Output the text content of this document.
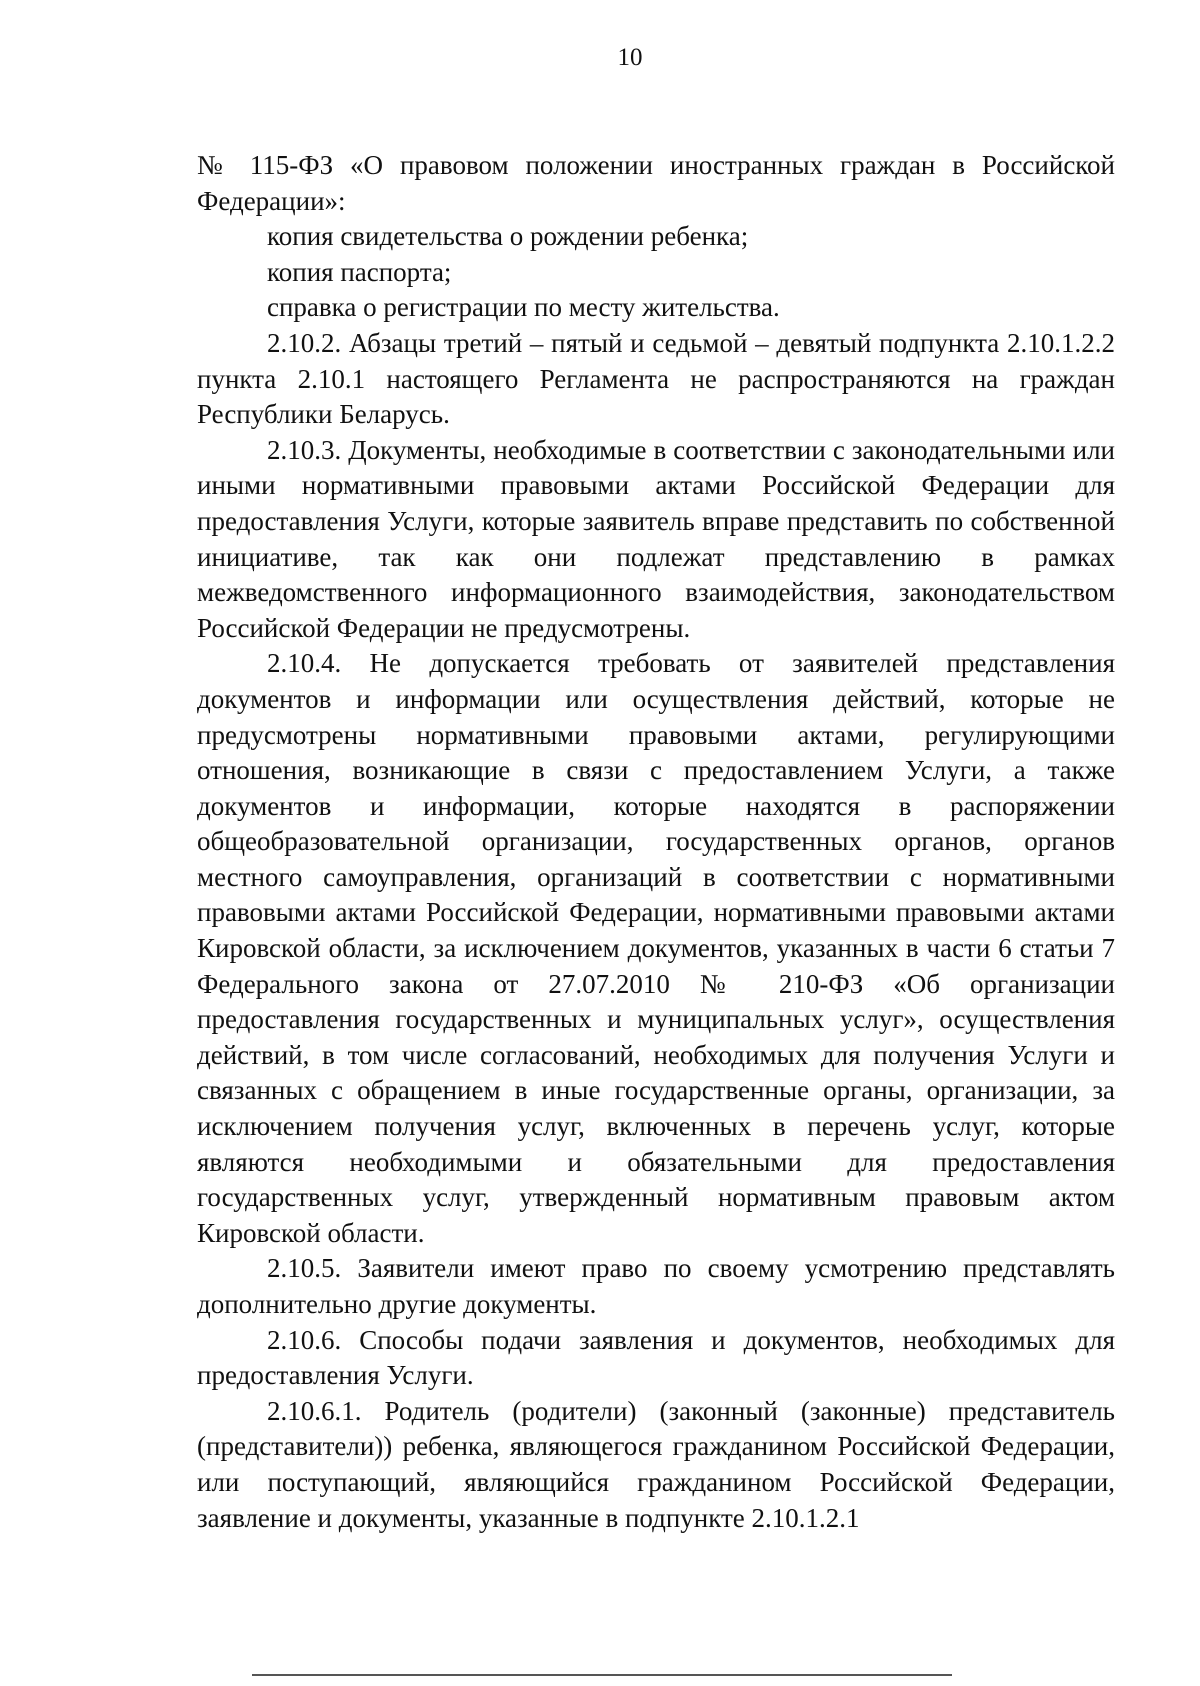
10

№ 115-ФЗ «О правовом положении иностранных граждан в Российской Федерации»:

копия свидетельства о рождении ребенка;

копия паспорта;

справка о регистрации по месту жительства.

2.10.2. Абзацы третий – пятый и седьмой – девятый подпункта 2.10.1.2.2 пункта 2.10.1 настоящего Регламента не распространяются на граждан Республики Беларусь.

2.10.3. Документы, необходимые в соответствии с законодательными или иными нормативными правовыми актами Российской Федерации для предоставления Услуги, которые заявитель вправе представить по собственной инициативе, так как они подлежат представлению в рамках межведомственного информационного взаимодействия, законодательством Российской Федерации не предусмотрены.

2.10.4. Не допускается требовать от заявителей представления документов и информации или осуществления действий, которые не предусмотрены нормативными правовыми актами, регулирующими отношения, возникающие в связи с предоставлением Услуги, а также документов и информации, которые находятся в распоряжении общеобразовательной организации, государственных органов, органов местного самоуправления, организаций в соответствии с нормативными правовыми актами Российской Федерации, нормативными правовыми актами Кировской области, за исключением документов, указанных в части 6 статьи 7 Федерального закона от 27.07.2010 № 210-ФЗ «Об организации предоставления государственных и муниципальных услуг», осуществления действий, в том числе согласований, необходимых для получения Услуги и связанных с обращением в иные государственные органы, организации, за исключением получения услуг, включенных в перечень услуг, которые являются необходимыми и обязательными для предоставления государственных услуг, утвержденный нормативным правовым актом Кировской области.

2.10.5. Заявители имеют право по своему усмотрению представлять дополнительно другие документы.

2.10.6. Способы подачи заявления и документов, необходимых для предоставления Услуги.

2.10.6.1. Родитель (родители) (законный (законные) представитель (представители)) ребенка, являющегося гражданином Российской Федерации, или поступающий, являющийся гражданином Российской Федерации, заявление и документы, указанные в подпункте 2.10.1.2.1
